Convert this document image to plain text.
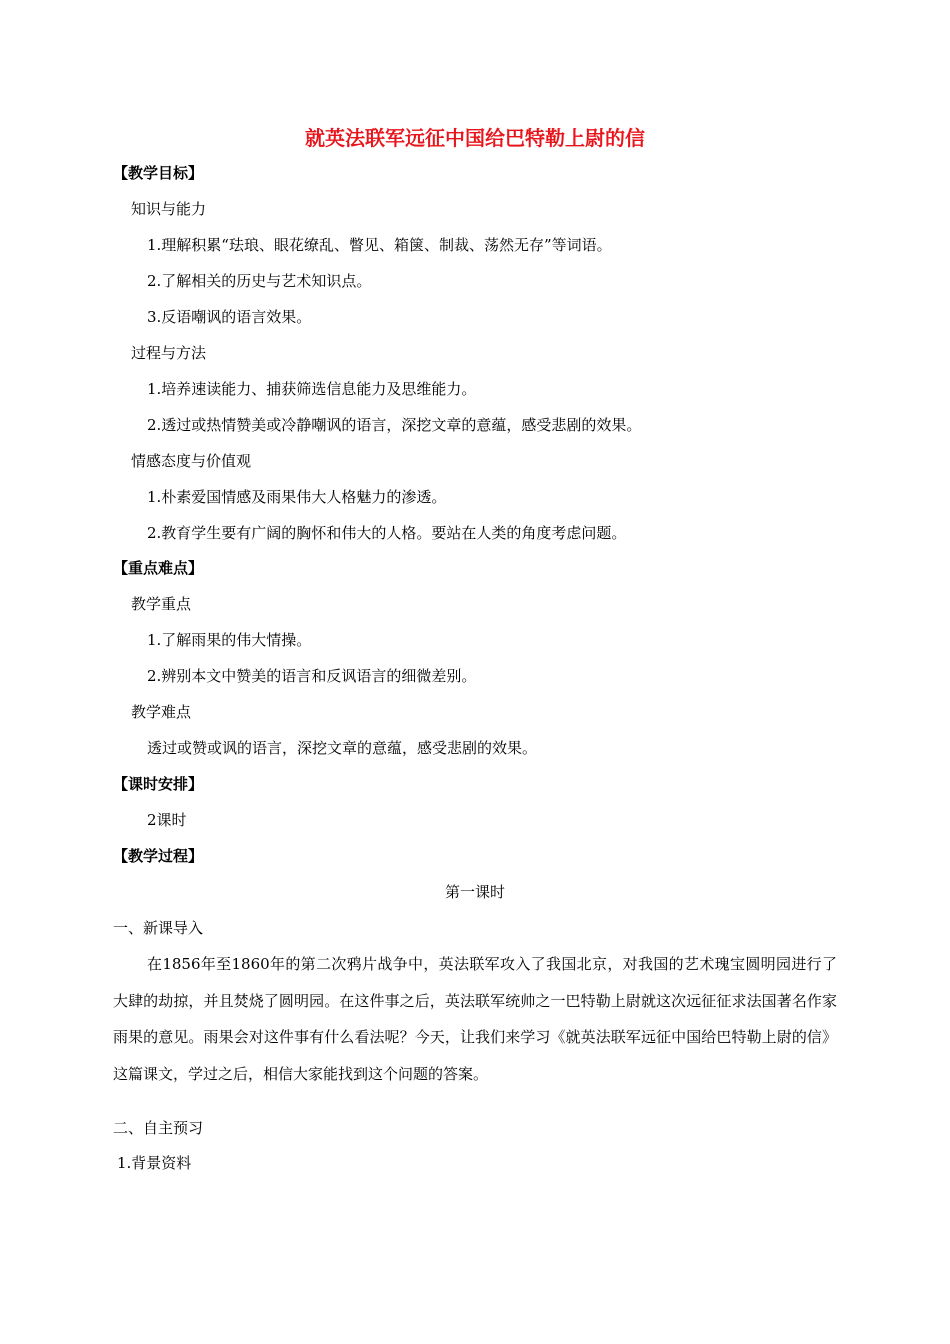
就英法联军远征中国给巴特勒上尉的信
【教学目标】
知识与能力
1.理解积累“珐琅、眼花缭乱、瞥见、箱箧、制裁、荡然无存”等词语。
2.了解相关的历史与艺术知识点。
3.反语嘲讽的语言效果。
过程与方法
1.培养速读能力、捕获筛选信息能力及思维能力。
2.透过或热情赞美或冷静嘲讽的语言，深挖文章的意蕴，感受悲剧的效果。
情感态度与价值观
1.朴素爱国情感及雨果伟大人格魅力的渗透。
2.教育学生要有广阔的胸怀和伟大的人格。要站在人类的角度考虑问题。
【重点难点】
教学重点
1.了解雨果的伟大情操。
2.辨别本文中赞美的语言和反讽语言的细微差别。
教学难点
透过或赞或讽的语言，深挖文章的意蕴，感受悲剧的效果。
【课时安排】
2课时
【教学过程】
第一课时
一、新课导入
在1856年至1860年的第二次鸦片战争中，英法联军攻入了我国北京，对我国的艺术瑰宝圆明园进行了大肆的劫掠，并且焚烧了圆明园。在这件事之后，英法联军统帅之一巴特勒上尉就这次远征征求法国著名作家雨果的意见。雨果会对这件事有什么看法呢？今天，让我们来学习《就英法联军远征中国给巴特勒上尉的信》这篇课文，学过之后，相信大家能找到这个问题的答案。
二、自主预习
1.背景资料
